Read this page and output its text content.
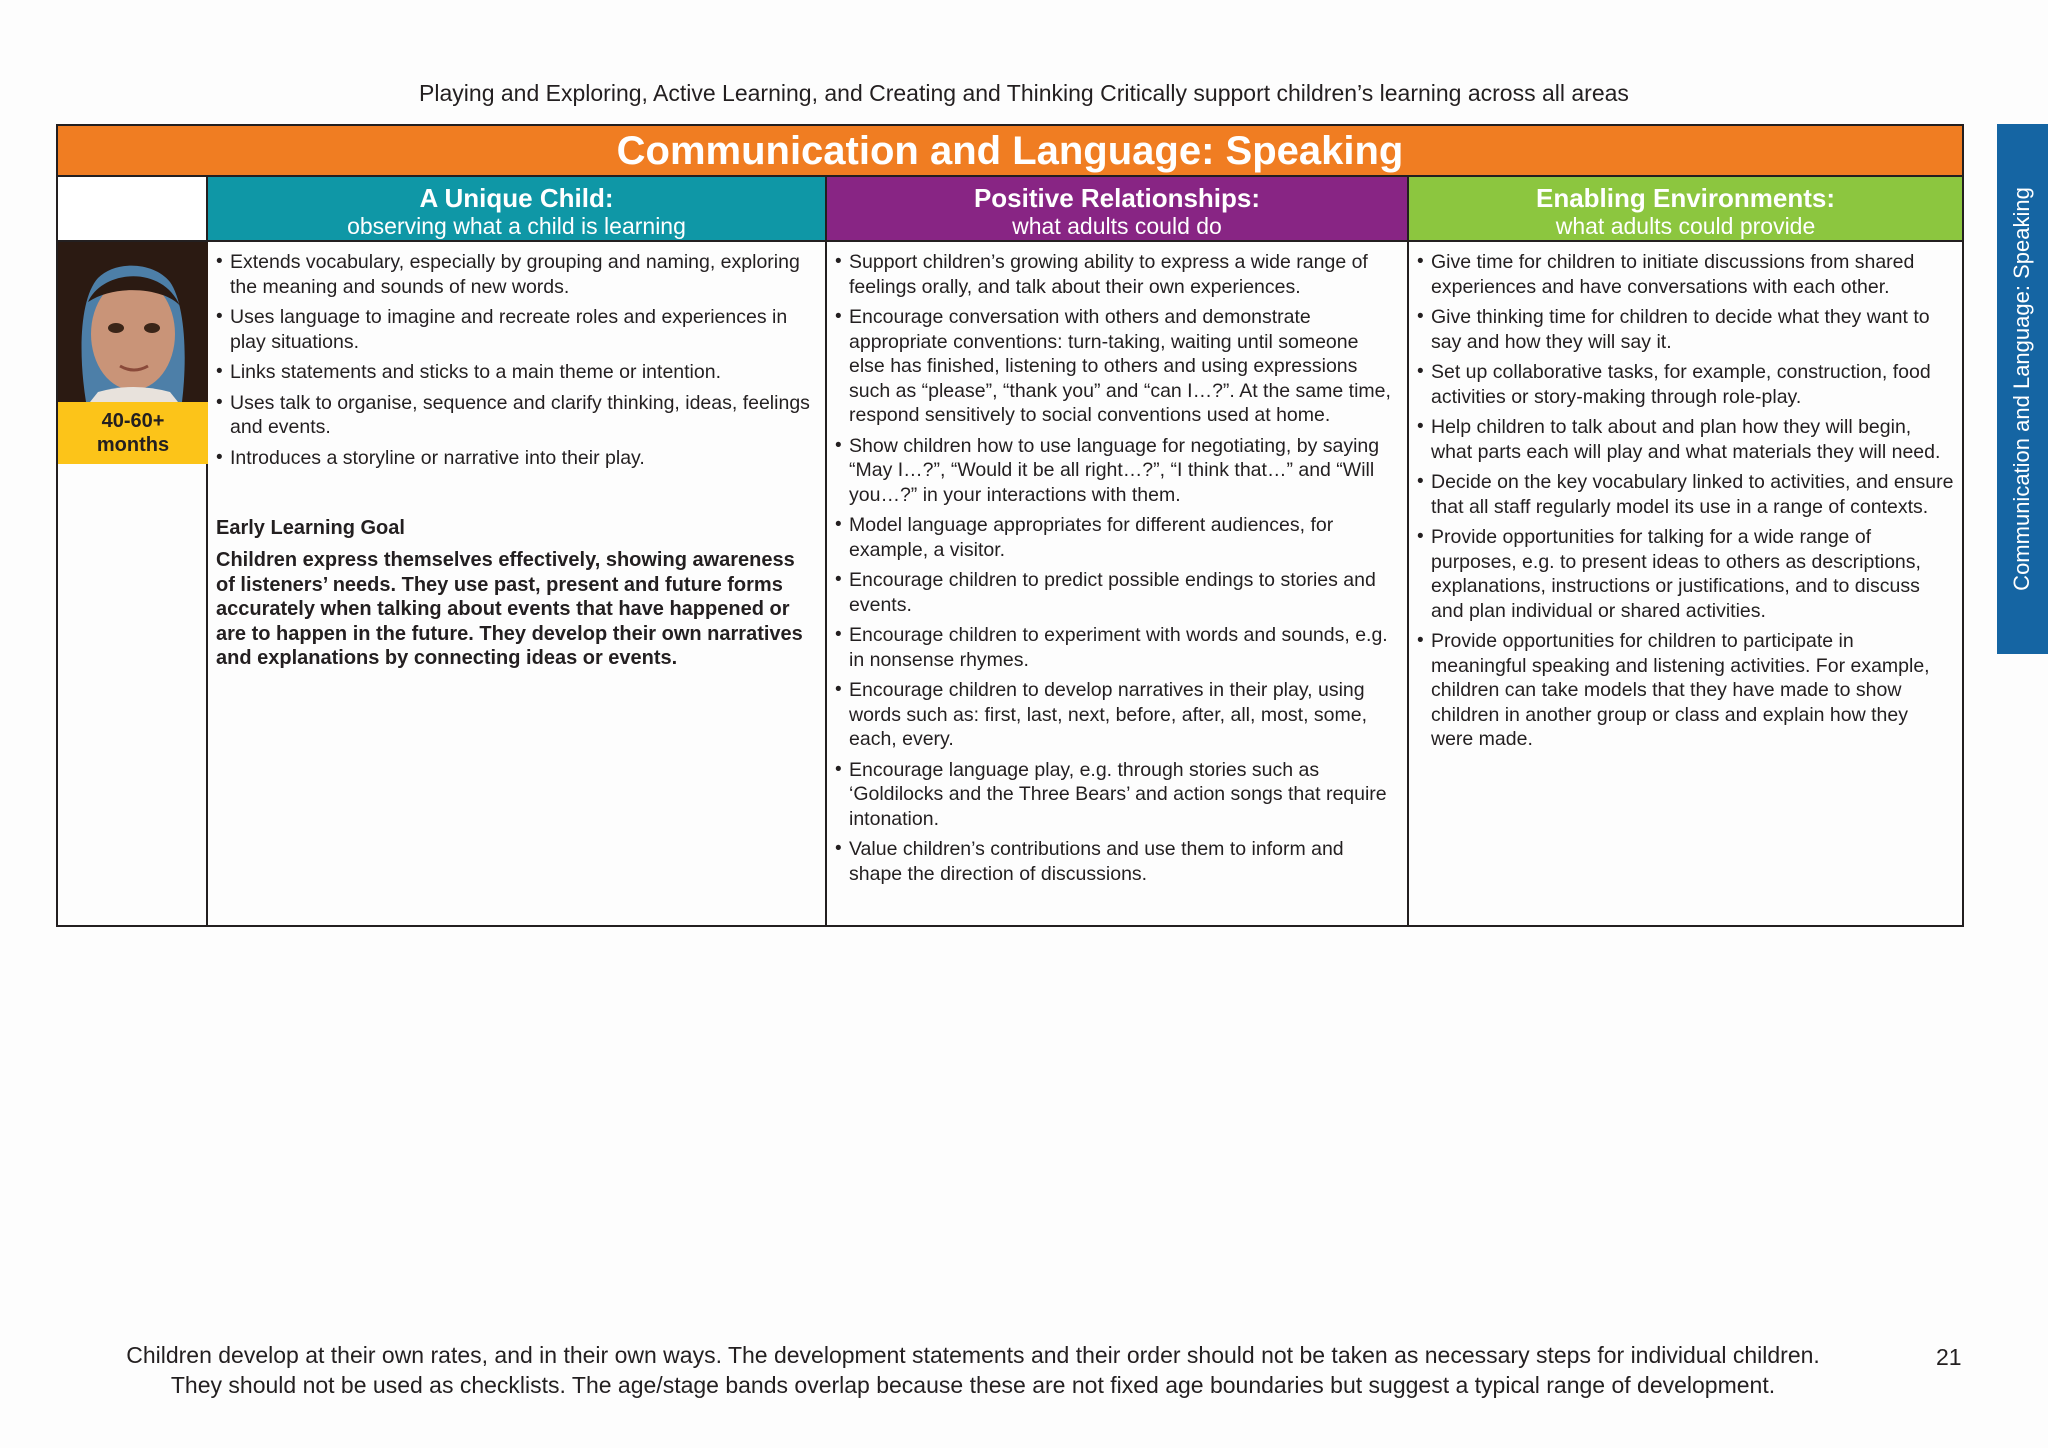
Playing and Exploring, Active Learning, and Creating and Thinking Critically support children’s learning across all areas
Communication and Language: Speaking
A Unique Child:
observing what a child is learning
Positive Relationships:
what adults could do
Enabling Environments:
what adults could provide
40-60+
months
• Extends vocabulary, especially by grouping and naming, exploring the meaning and sounds of new words.
• Uses language to imagine and recreate roles and experiences in play situations.
• Links statements and sticks to a main theme or intention.
• Uses talk to organise, sequence and clarify thinking, ideas, feelings and events.
• Introduces a storyline or narrative into their play.
Early Learning Goal
Children express themselves effectively, showing awareness of listeners’ needs. They use past, present and future forms accurately when talking about events that have happened or are to happen in the future. They develop their own narratives and explanations by connecting ideas or events.
• Support children’s growing ability to express a wide range of feelings orally, and talk about their own experiences.
• Encourage conversation with others and demonstrate appropriate conventions: turn-taking, waiting until someone else has finished, listening to others and using expressions such as “please”, “thank you” and “can I…?”. At the same time, respond sensitively to social conventions used at home.
• Show children how to use language for negotiating, by saying “May I…?”, “Would it be all right…?”, “I think that…” and “Will you…?” in your interactions with them.
• Model language appropriates for different audiences, for example, a visitor.
• Encourage children to predict possible endings to stories and events.
• Encourage children to experiment with words and sounds, e.g. in nonsense rhymes.
• Encourage children to develop narratives in their play, using words such as: first, last, next, before, after, all, most, some, each, every.
• Encourage language play, e.g. through stories such as ‘Goldilocks and the Three Bears’ and action songs that require intonation.
• Value children’s contributions and use them to inform and shape the direction of discussions.
• Give time for children to initiate discussions from shared experiences and have conversations with each other.
• Give thinking time for children to decide what they want to say and how they will say it.
• Set up collaborative tasks, for example, construction, food activities or story-making through role-play.
• Help children to talk about and plan how they will begin, what parts each will play and what materials they will need.
• Decide on the key vocabulary linked to activities, and ensure that all staff regularly model its use in a range of contexts.
• Provide opportunities for talking for a wide range of purposes, e.g. to present ideas to others as descriptions, explanations, instructions or justifications, and to discuss and plan individual or shared activities.
• Provide opportunities for children to participate in meaningful speaking and listening activities. For example, children can take models that they have made to show children in another group or class and explain how they were made.
Communication and Language: Speaking
Children develop at their own rates, and in their own ways. The development statements and their order should not be taken as necessary steps for individual children.
They should not be used as checklists. The age/stage bands overlap because these are not fixed age boundaries but suggest a typical range of development.
21
